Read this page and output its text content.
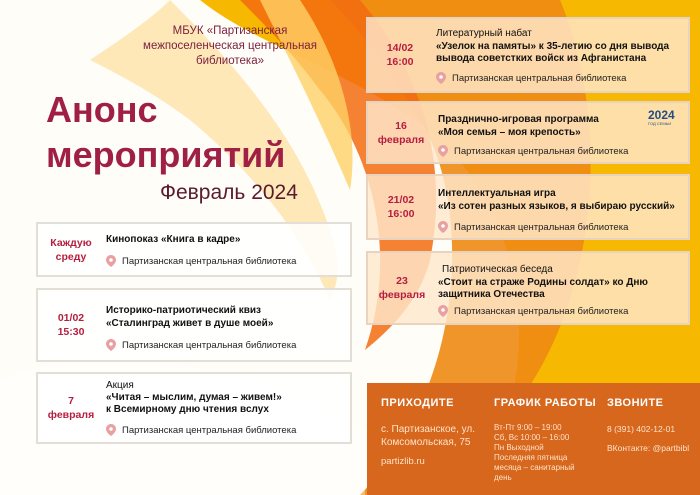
МБУК «Партизанская
межпоселенческая центральная
библиотека»
Анонс
мероприятий
Февраль 2024
Каждую
среду
Кинопоказ «Книга в кадре»
Партизанская центральная библиотека
01/02
15:30
Историко-патриотический квиз
«Сталинград живет в душе моей»
Партизанская центральная библиотека
7
февраля
Акция
«Читая – мыслим, думая – живем!»
к Всемирному дню чтения вслух
Партизанская центральная библиотека
14/02
16:00
Литературный набат
«Узелок на памяты» к 35-летию со дня вывода
вывода советстких войск из Афганистана
Партизанская центральная библиотека
16
февраля
Празднично-игровая программа
«Моя семья – моя крепость»
2024
ГОД СЕМЬИ
Партизанская центральная библиотека
21/02
16:00
Интеллектуальная игра
«Из сотен разных языков, я выбираю русский»
Партизанская центральная библиотека
23
февраля
Патриотическая беседа
«Стоит на страже Родины солдат» ко Дню
защитника Отечества
Партизанская центральная библиотека
ПРИХОДИТЕ
с. Партизанское, ул.
Комсомольская, 75
partizlib.ru
ГРАФИК РАБОТЫ
Вт-Пт 9:00 – 19:00
Сб, Вс 10:00 – 16:00
Пн Выходной
Последняя пятница
месяца – санитарный
день
ЗВОНИТЕ
8 (391) 402-12-01
ВКонтакте: @partbibl
